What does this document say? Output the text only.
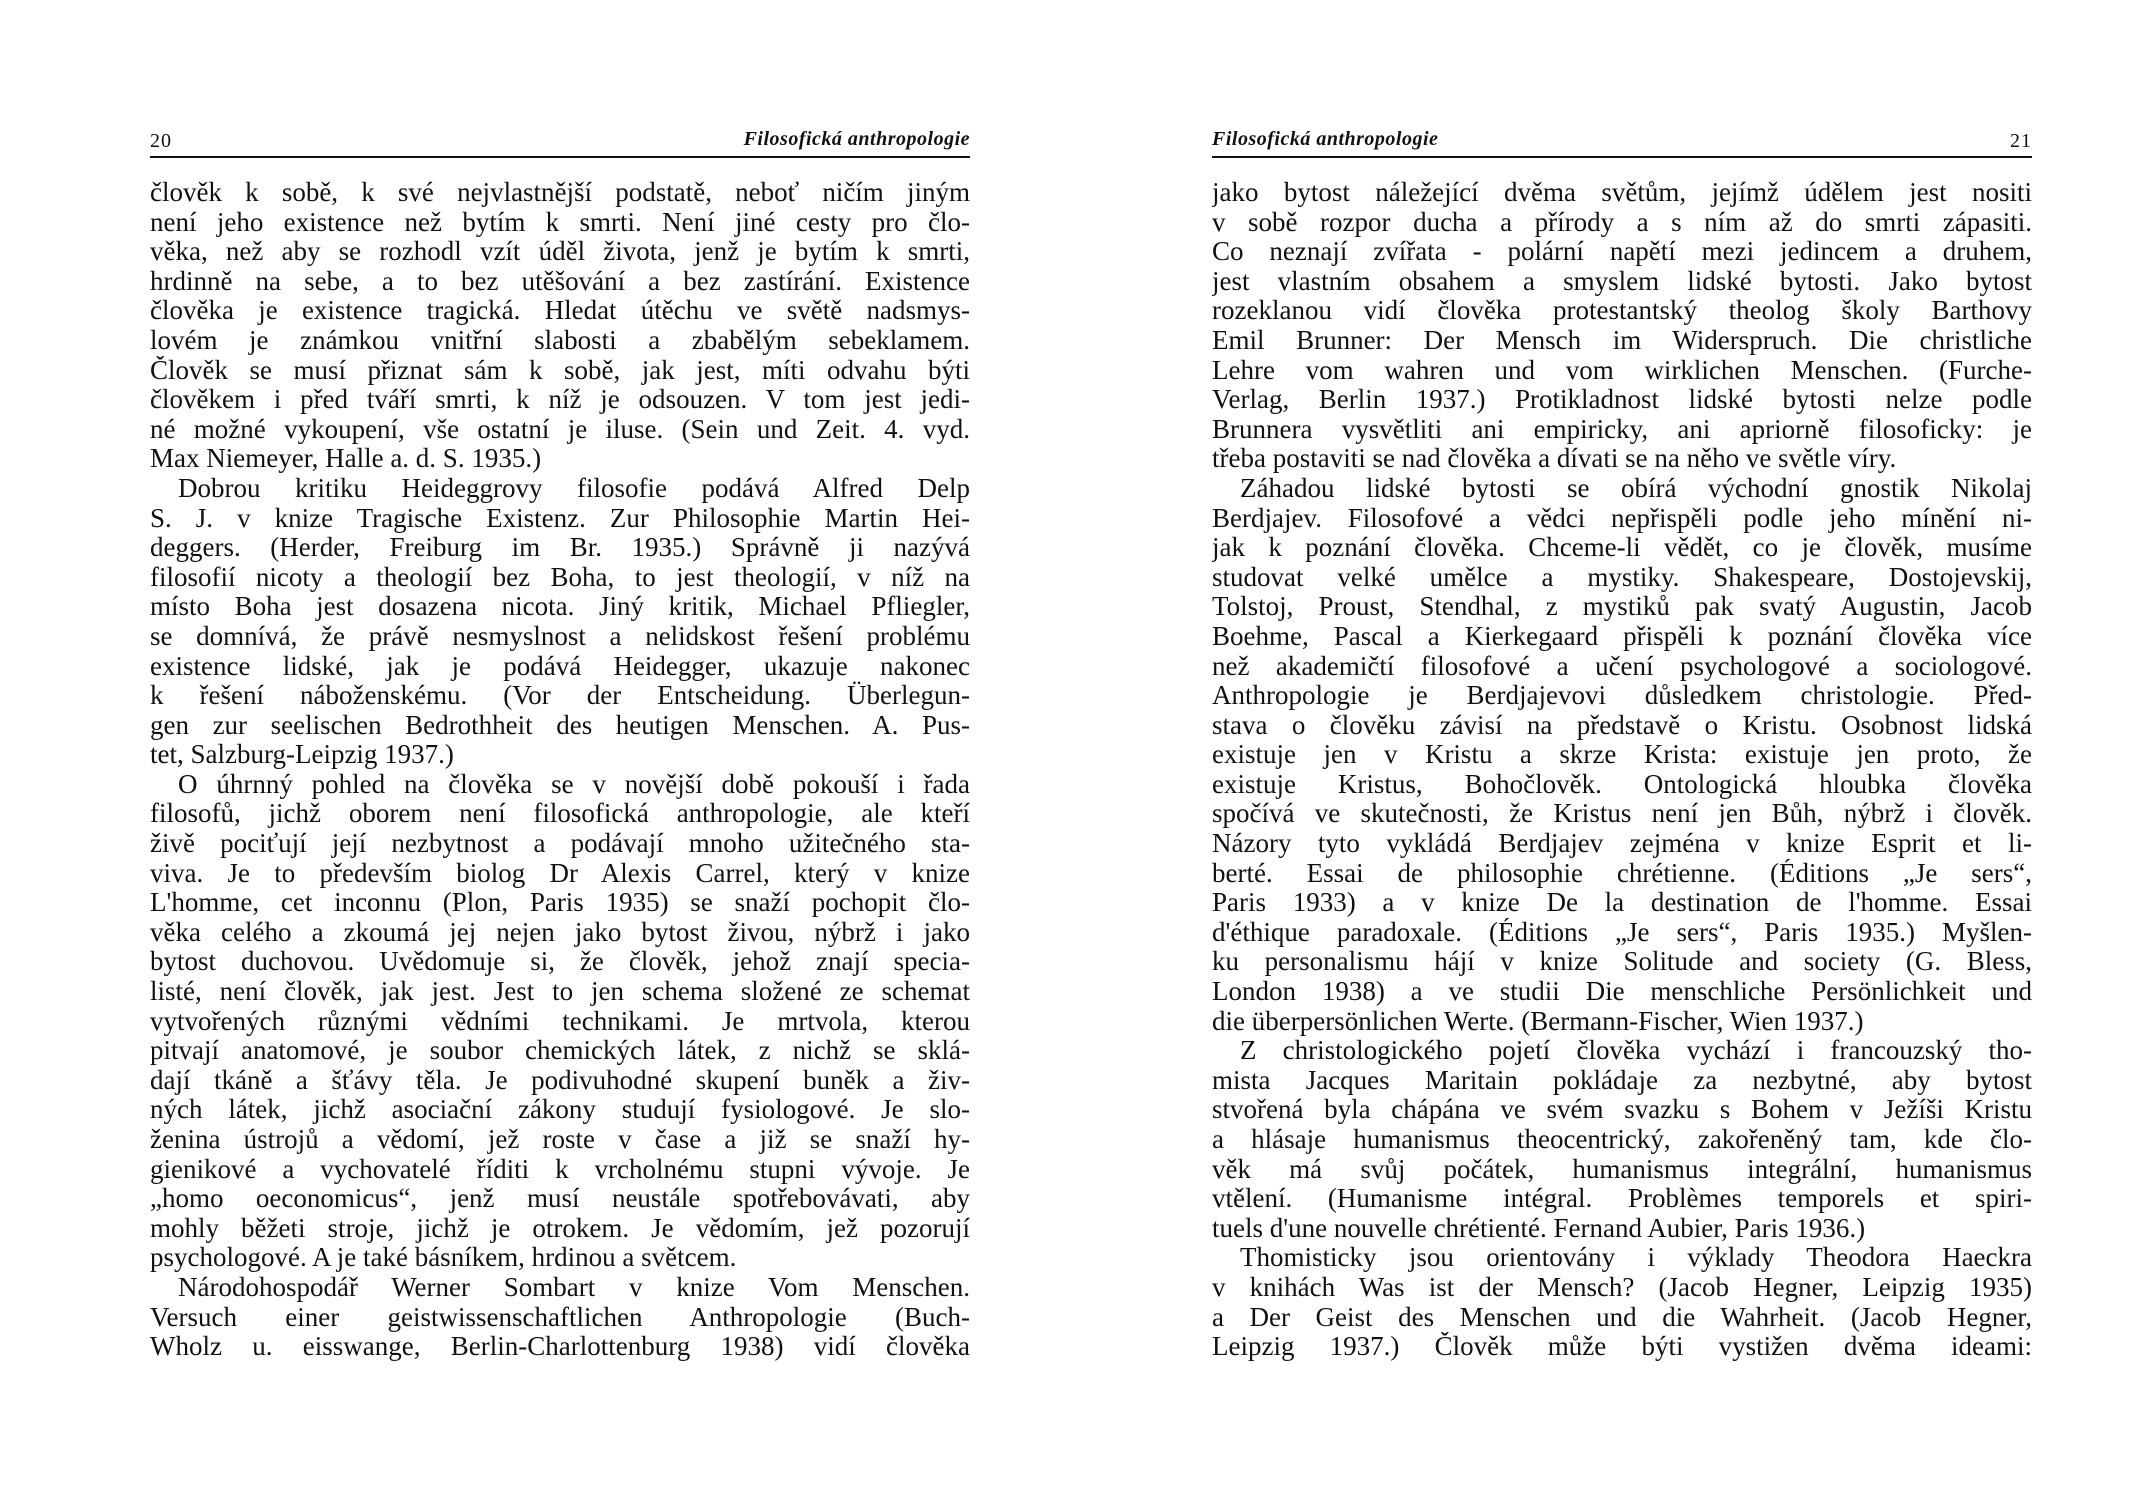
20	Filosofická anthropologie
člověk k sobě, k své nejvlastnější podstatě, neboť ničím jiným
není jeho existence než bytím k smrti. Není jiné cesty pro člo-
věka, než aby se rozhodl vzít úděl života, jenž je bytím k smrti,
hrdinně na sebe, a to bez utěšování a bez zastírání. Existence
člověka je existence tragická. Hledat útěchu ve světě nadsmys-
lovém je známkou vnitřní slabosti a zbabělým sebeklamem.
Člověk se musí přiznat sám k sobě, jak jest, míti odvahu býti
člověkem i před tváří smrti, k níž je odsouzen. V tom jest jedi-
né možné vykoupení, vše ostatní je iluse. (Sein und Zeit. 4. vyd.
Max Niemeyer, Halle a. d. S. 1935.)
Dobrou kritiku Heideggrovy filosofie podává Alfred Delp
S. J. v knize Tragische Existenz. Zur Philosophie Martin Hei-
deggers. (Herder, Freiburg im Br. 1935.) Správně ji nazývá
filosofií nicoty a theologií bez Boha, to jest theologií, v níž na
místo Boha jest dosazena nicota. Jiný kritik, Michael Pfliegler,
se domnívá, že právě nesmyslnost a nelidskost řešení problému
existence lidské, jak je podává Heidegger, ukazuje nakonec
k řešení náboženskému. (Vor der Entscheidung. Überlegun-
gen zur seelischen Bedrothheit des heutigen Menschen. A. Pus-
tet, Salzburg-Leipzig 1937.)
O úhrnný pohled na člověka se v novější době pokouší i řada
filosofů, jichž oborem není filosofická anthropologie, ale kteří
živě pociťují její nezbytnost a podávají mnoho užitečného sta-
viva. Je to především biolog Dr Alexis Carrel, který v knize
L'homme, cet inconnu (Plon, Paris 1935) se snaží pochopit člo-
věka celého a zkoumá jej nejen jako bytost živou, nýbrž i jako
bytost duchovou. Uvědomuje si, že člověk, jehož znají specia-
listé, není člověk, jak jest. Jest to jen schema složené ze schemat
vytvořených různými vědními technikami. Je mrtvola, kterou
pitvají anatomové, je soubor chemických látek, z nichž se sklá-
dají tkáně a šťávy těla. Je podivuhodné skupení buněk a živ-
ných látek, jichž asociační zákony studují fysiologové. Je slo-
ženina ústrojů a vědomí, jež roste v čase a již se snaží hy-
gienikové a vychovatelé říditi k vrcholnému stupni vývoje. Je
„homo oeconomicus“, jenž musí neustále spotřebovávati, aby
mohly běžeti stroje, jichž je otrokem. Je vědomím, jež pozorují
psychologové. A je také básníkem, hrdinou a světcem.
Národohospodář Werner Sombart v knize Vom Menschen.
Versuch einer geistwissenschaftlichen Anthropologie (Buch-
Wholz u. eisswange, Berlin-Charlottenburg 1938) vidí člověka
Filosofická anthropologie	21
jako bytost náležející dvěma světům, jejímž údělem jest nositi
v sobě rozpor ducha a přírody a s ním až do smrti zápasiti.
Co neznají zvířata - polární napětí mezi jedincem a druhem,
jest vlastním obsahem a smyslem lidské bytosti. Jako bytost
rozeklanou vidí člověka protestantský theolog školy Barthovy
Emil Brunner: Der Mensch im Widerspruch. Die christliche
Lehre vom wahren und vom wirklichen Menschen. (Furche-
Verlag, Berlin 1937.) Protikladnost lidské bytosti nelze podle
Brunnera vysvětliti ani empiricky, ani apriorně filosoficky: je
třeba postaviti se nad člověka a dívati se na něho ve světle víry.
Záhadou lidské bytosti se obírá východní gnostik Nikolaj
Berdjajev. Filosofové a vědci nepřispěli podle jeho mínění ni-
jak k poznání člověka. Chceme-li vědět, co je člověk, musíme
studovat velké umělce a mystiky. Shakespeare, Dostojevskij,
Tolstoj, Proust, Stendhal, z mystiků pak svatý Augustin, Jacob
Boehme, Pascal a Kierkegaard přispěli k poznání člověka více
než akademičtí filosofové a učení psychologové a sociologové.
Anthropologie je Berdjajevovi důsledkem christologie. Před-
stava o člověku závisí na představě o Kristu. Osobnost lidská
existuje jen v Kristu a skrze Krista: existuje jen proto, že
existuje Kristus, Bohočlověk. Ontologická hloubka člověka
spočívá ve skutečnosti, že Kristus není jen Bůh, nýbrž i člověk.
Názory tyto vykládá Berdjajev zejména v knize Esprit et li-
berté. Essai de philosophie chrétienne. (Éditions „Je sers“,
Paris 1933) a v knize De la destination de l'homme. Essai
d'éthique paradoxale. (Éditions „Je sers“, Paris 1935.) Myšlen-
ku personalismu hájí v knize Solitude and society (G. Bless,
London 1938) a ve studii Die menschliche Persönlichkeit und
die überpersönlichen Werte. (Bermann-Fischer, Wien 1937.)
Z christologického pojetí člověka vychází i francouzský tho-
mista Jacques Maritain pokládaje za nezbytné, aby bytost
stvořená byla chápána ve svém svazku s Bohem v Ježíši Kristu
a hlásaje humanismus theocentrický, zakořeněný tam, kde člo-
věk má svůj počátek, humanismus integrální, humanismus
vtělení. (Humanisme intégral. Problèmes temporels et spiri-
tuels d'une nouvelle chrétienté. Fernand Aubier, Paris 1936.)
Thomisticky jsou orientovány i výklady Theodora Haeckra
v knihách Was ist der Mensch? (Jacob Hegner, Leipzig 1935)
a Der Geist des Menschen und die Wahrheit. (Jacob Hegner,
Leipzig 1937.) Člověk může býti vystižen dvěma ideami:
